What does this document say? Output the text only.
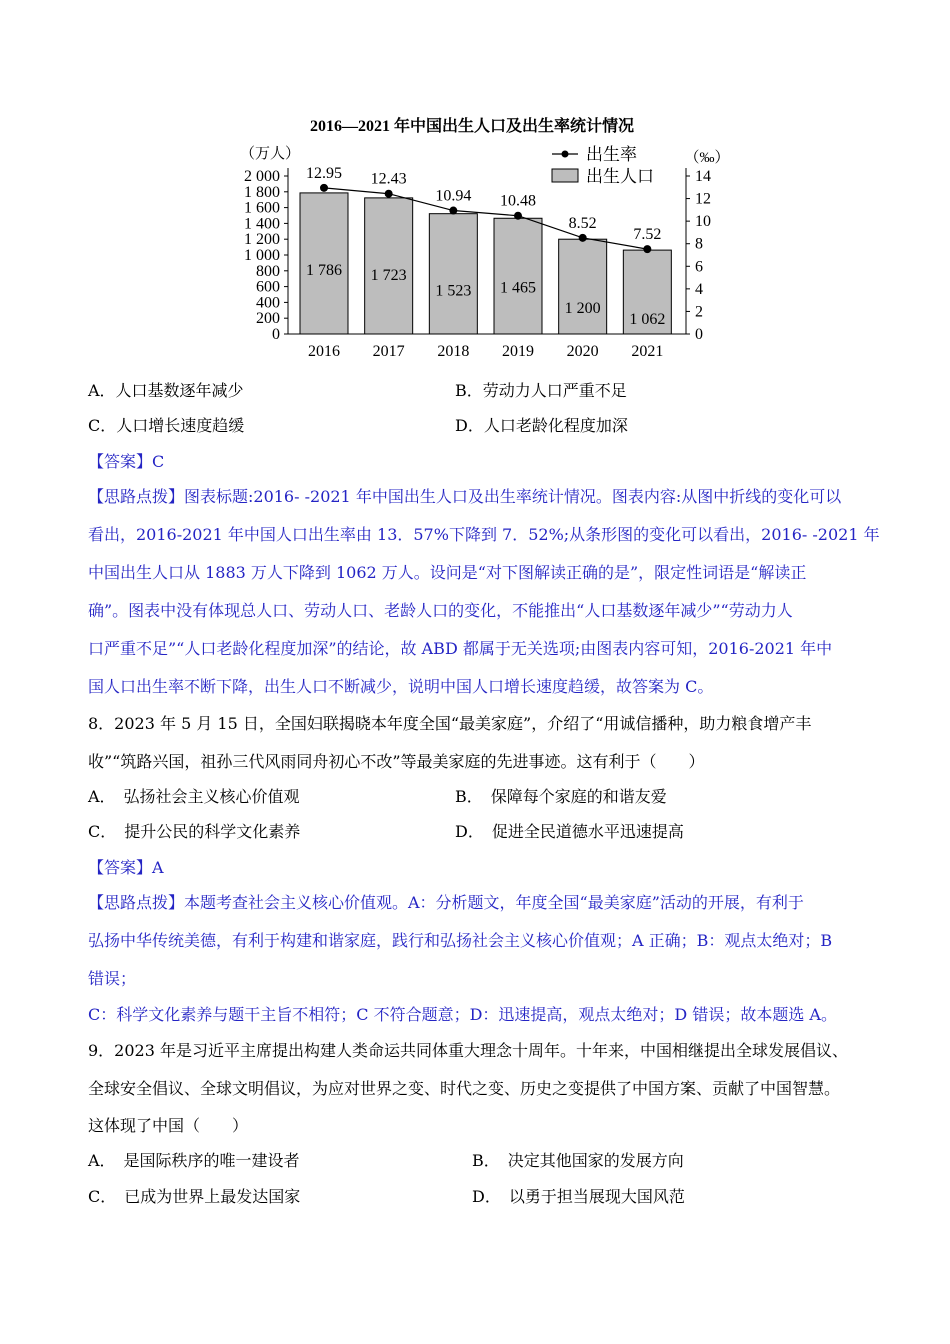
2016—2021 年中国出生人口及出生率统计情况
（万人）	（‰）
0
200
400
600
800
1 000
1 200
1 400
1 600
1 800
2 000
0
2
4
6
8
10
12
14
1 786
2016
1 723
2017
1 523
2018
1 465
2019
1 200
2020
1 062
2021
12.95 12.43
10.94 10.48
8.52
7.52
出生率
出生人口
A．人口基数逐年减少	B．劳动力人口严重不足
C．人口增长速度趋缓	D．人口老龄化程度加深
【答案】C
【思路点拨】图表标题:2016- -2021 年中国出生人口及出生率统计情况。图表内容:从图中折线的变化可以
看出，2016-2021 年中国人口出生率由 13．57%下降到 7．52%;从条形图的变化可以看出，2016- -2021 年
中国出生人口从 1883 万人下降到 1062 万人。设问是“对下图解读正确的是”，限定性词语是“解读正
确”。图表中没有体现总人口、劳动人口、老龄人口的变化，不能推出“人口基数逐年减少”“劳动力人
口严重不足”“人口老龄化程度加深”的结论，故 ABD 都属于无关选项;由图表内容可知，2016-2021 年中
国人口出生率不断下降，出生人口不断减少，说明中国人口增长速度趋缓，故答案为 C。
8．2023 年 5 月 15 日，全国妇联揭晓本年度全国“最美家庭”，介绍了“用诚信播种，助力粮食增产丰
收”“筑路兴国，祖孙三代风雨同舟初心不改”等最美家庭的先进事迹。这有利于（　　）
A．　弘扬社会主义核心价值观	B．　保障每个家庭的和谐友爱
C．　提升公民的科学文化素养	D．　促进全民道德水平迅速提高
【答案】A
【思路点拨】本题考查社会主义核心价值观。A：分析题文，年度全国“最美家庭”活动的开展，有利于
弘扬中华传统美德，有利于构建和谐家庭，践行和弘扬社会主义核心价值观；A 正确；B：观点太绝对；B
错误；
C：科学文化素养与题干主旨不相符；C 不符合题意；D：迅速提高，观点太绝对；D 错误；故本题选 A。
9．2023 年是习近平主席提出构建人类命运共同体重大理念十周年。十年来，中国相继提出全球发展倡议、
全球安全倡议、全球文明倡议，为应对世界之变、时代之变、历史之变提供了中国方案、贡献了中国智慧。
这体现了中国（　　）
A．　是国际秩序的唯一建设者	B．　决定其他国家的发展方向
C．　已成为世界上最发达国家	D．　以勇于担当展现大国风范
